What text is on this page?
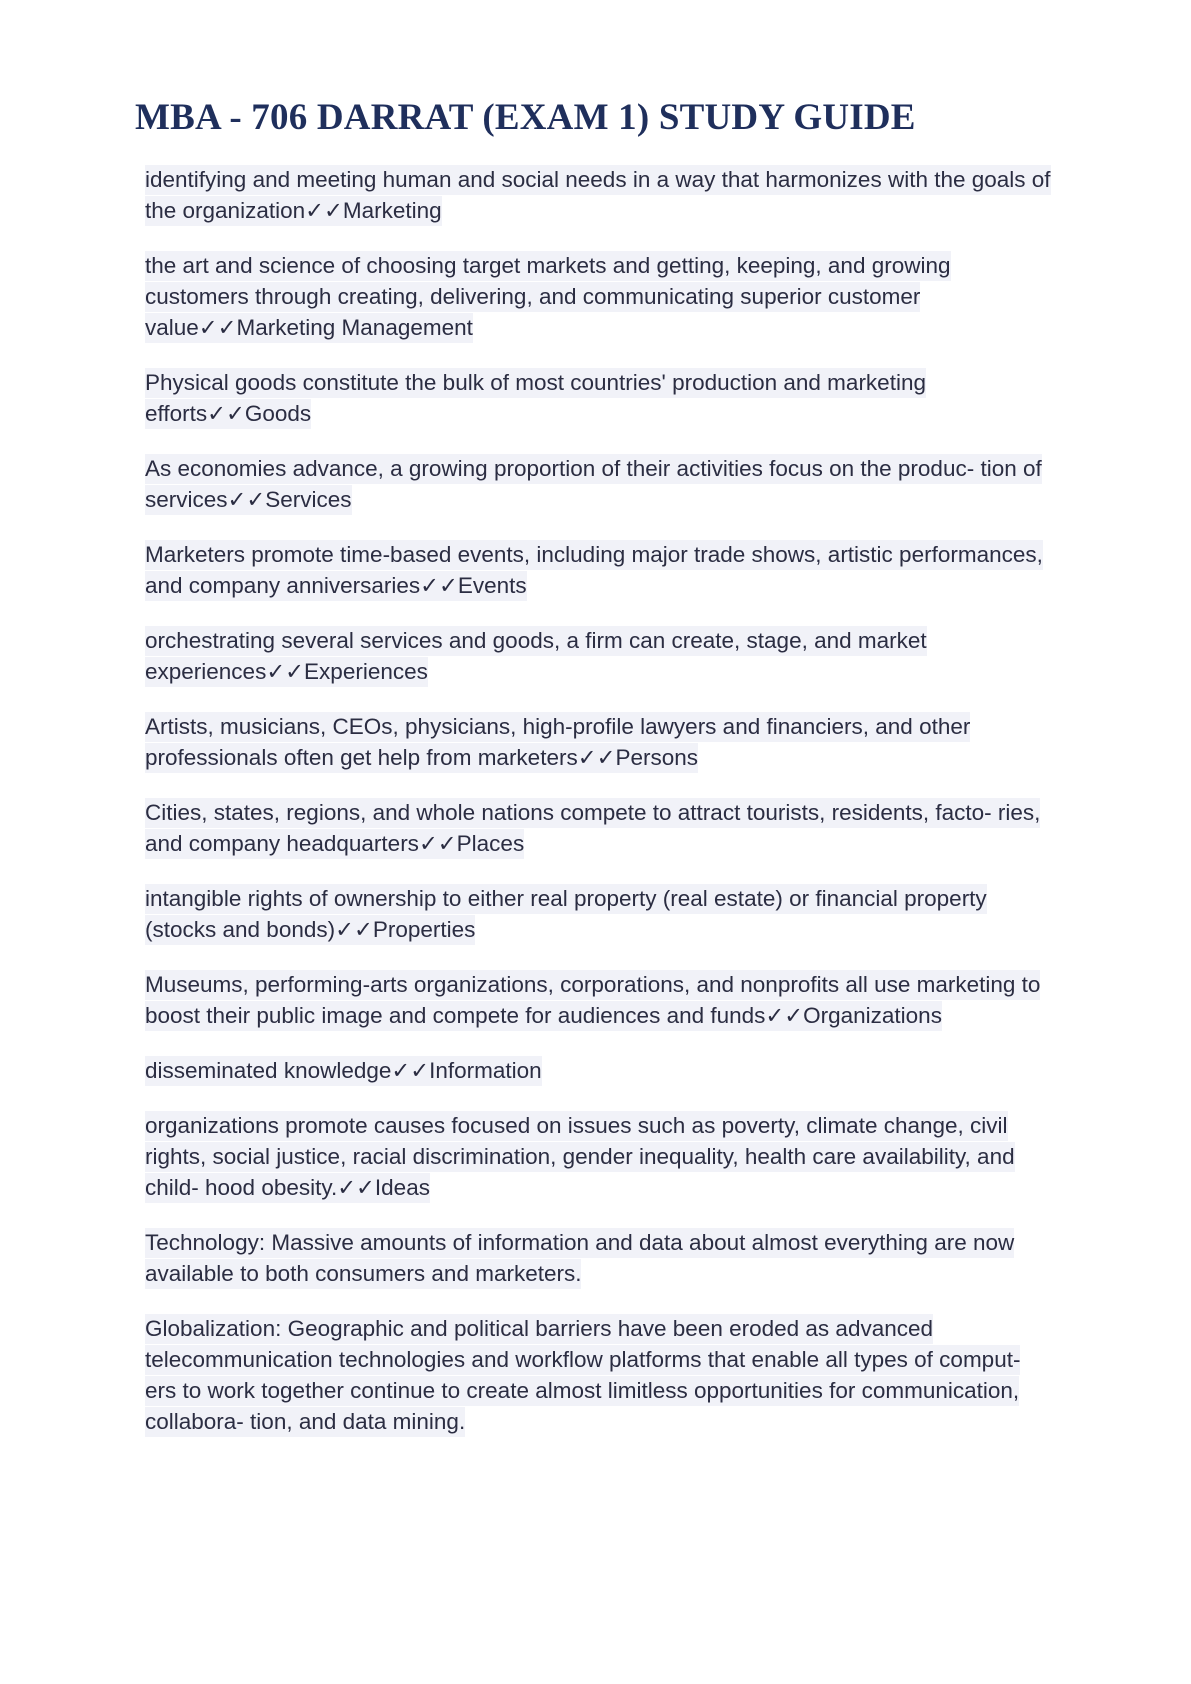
MBA - 706 DARRAT (EXAM 1) STUDY GUIDE

identifying and meeting human and social needs in a way that harmonizes with the goals of the organization✓✓Marketing

the art and science of choosing target markets and getting, keeping, and growing customers through creating, delivering, and communicating superior customer value✓✓Marketing Management

Physical goods constitute the bulk of most countries' production and marketing efforts✓✓Goods

As economies advance, a growing proportion of their activities focus on the produc- tion of services✓✓Services

Marketers promote time-based events, including major trade shows, artistic performances, and company anniversaries✓✓Events

orchestrating several services and goods, a firm can create, stage, and market experiences✓✓Experiences

Artists, musicians, CEOs, physicians, high-profile lawyers and financiers, and other professionals often get help from marketers✓✓Persons

Cities, states, regions, and whole nations compete to attract tourists, residents, facto- ries, and company headquarters✓✓Places

intangible rights of ownership to either real property (real estate) or financial property (stocks and bonds)✓✓Properties

Museums, performing-arts organizations, corporations, and nonprofits all use marketing to boost their public image and compete for audiences and funds✓✓Organizations

disseminated knowledge✓✓Information

organizations promote causes focused on issues such as poverty, climate change, civil rights, social justice, racial discrimination, gender inequality, health care availability, and child- hood obesity.✓✓Ideas

Technology: Massive amounts of information and data about almost everything are now available to both consumers and marketers.

Globalization: Geographic and political barriers have been eroded as advanced telecommunication technologies and workflow platforms that enable all types of comput- ers to work together continue to create almost limitless opportunities for communication, collabora- tion, and data mining.
